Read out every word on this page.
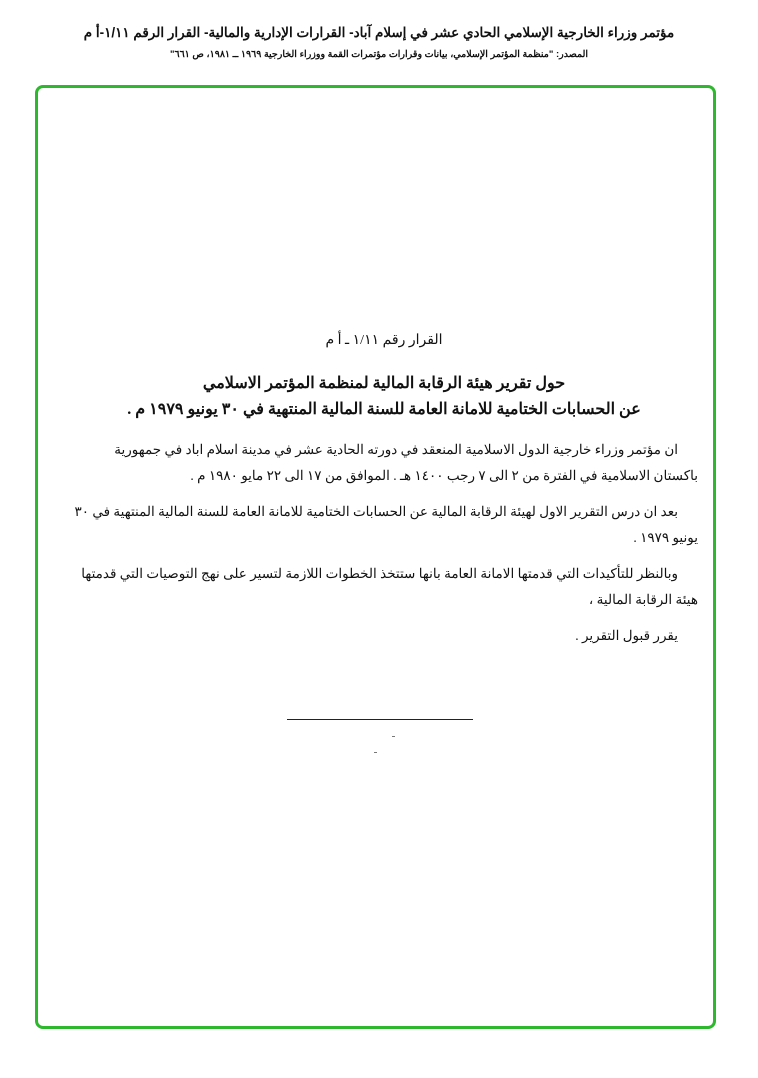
مؤتمر وزراء الخارجية الإسلامي الحادي عشر في إسلام آباد- القرارات الإدارية والمالية- القرار الرقم ١/١١-أ م
المصدر: "منظمة المؤتمر الإسلامي، بيانات وقرارات مؤتمرات القمة ووزراء الخارجية ١٩٦٩ ــ ١٩٨١، ص ٦٦١"
القرار رقم ١/١١ ـ أ م
حول تقرير هيئة الرقابة المالية لمنظمة المؤتمر الاسلامي
عن الحسابات الختامية للامانة العامة للسنة المالية المنتهية في ٣٠ يونيو ١٩٧٩ م .
ان مؤتمر وزراء خارجية الدول الاسلامية المنعقد في دورته الحادية عشر في مدينة اسلام اباد في جمهورية باكستان الاسلامية في الفترة من ٢ الى ٧ رجب ١٤٠٠ هـ . الموافق من ١٧ الى ٢٢ مايو ١٩٨٠ م .
بعد ان درس التقرير الاول لهيئة الرقابة المالية عن الحسابات الختامية للامانة العامة للسنة المالية المنتهية في ٣٠ يونيو ١٩٧٩ .
وبالنظر للتأكيدات التي قدمتها الامانة العامة بانها ستتخذ الخطوات اللازمة لتسير على نهج التوصيات التي قدمتها هيئة الرقابة المالية ،
يقرر قبول التقرير .
